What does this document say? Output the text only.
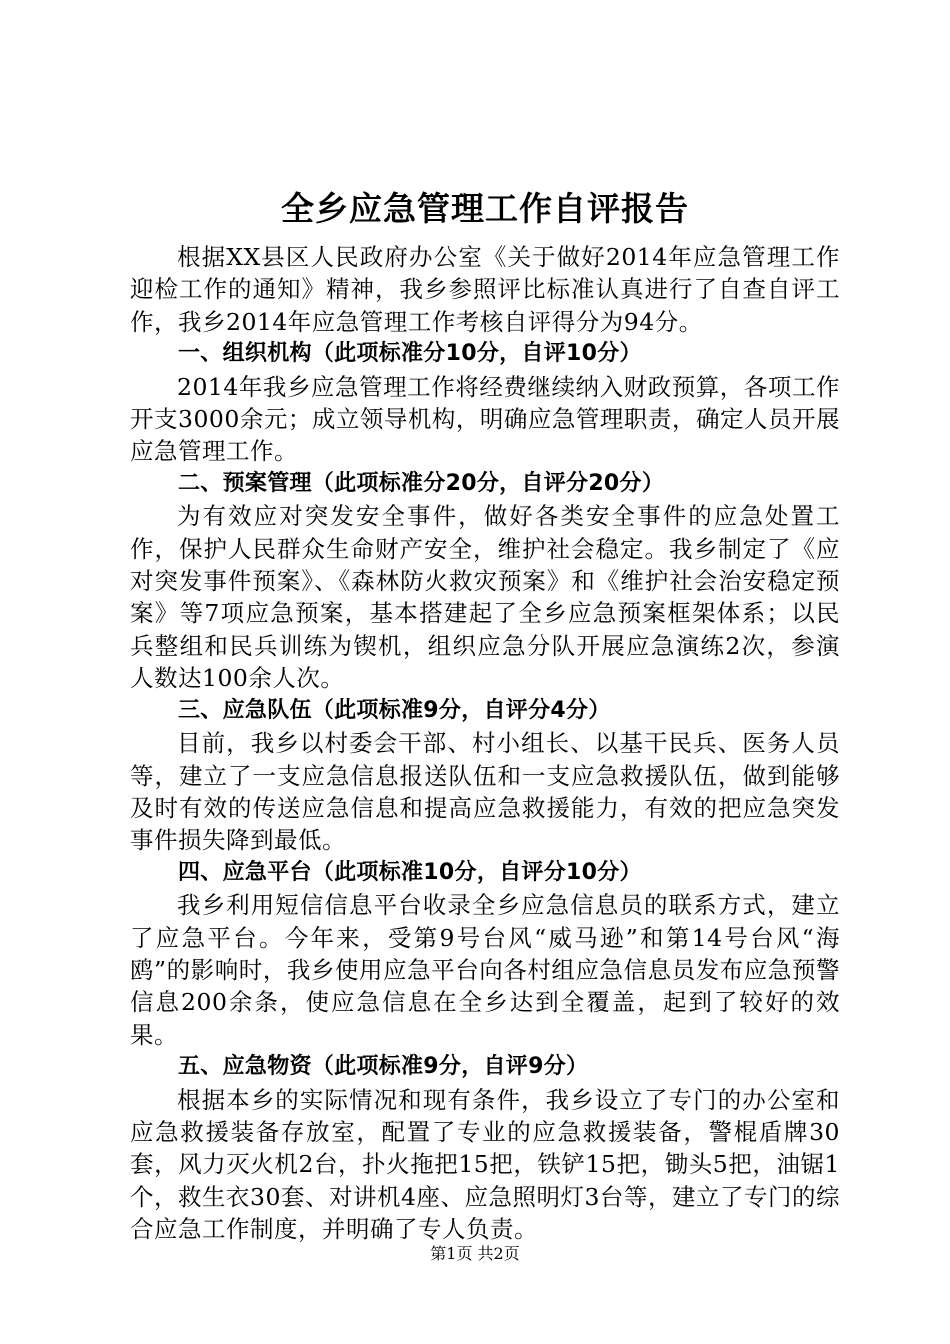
全乡应急管理工作自评报告

根据XX县区人民政府办公室《关于做好2014年应急管理工作迎检工作的通知》精神，我乡参照评比标准认真进行了自查自评工作，我乡2014年应急管理工作考核自评得分为94分。

一、组织机构（此项标准分10分，自评10分）

2014年我乡应急管理工作将经费继续纳入财政预算，各项工作开支3000余元；成立领导机构，明确应急管理职责，确定人员开展应急管理工作。

二、预案管理（此项标准分20分，自评分20分）

为有效应对突发安全事件，做好各类安全事件的应急处置工作，保护人民群众生命财产安全，维护社会稳定。我乡制定了《应对突发事件预案》、《森林防火救灾预案》和《维护社会治安稳定预案》等7项应急预案，基本搭建起了全乡应急预案框架体系；以民兵整组和民兵训练为锲机，组织应急分队开展应急演练2次，参演人数达100余人次。

三、应急队伍（此项标准9分，自评分4分）

目前，我乡以村委会干部、村小组长、以基干民兵、医务人员等，建立了一支应急信息报送队伍和一支应急救援队伍，做到能够及时有效的传送应急信息和提高应急救援能力，有效的把应急突发事件损失降到最低。

四、应急平台（此项标准10分，自评分10分）

我乡利用短信信息平台收录全乡应急信息员的联系方式，建立了应急平台。今年来，受第9号台风“威马逊”和第14号台风“海鸥”的影响时，我乡使用应急平台向各村组应急信息员发布应急预警信息200余条，使应急信息在全乡达到全覆盖，起到了较好的效果。

五、应急物资（此项标准9分，自评9分）

根据本乡的实际情况和现有条件，我乡设立了专门的办公室和应急救援装备存放室，配置了专业的应急救援装备，警棍盾牌30套，风力灭火机2台，扑火拖把15把，铁铲15把，锄头5把，油锯1个，救生衣30套、对讲机4座、应急照明灯3台等，建立了专门的综合应急工作制度，并明确了专人负责。

第1页 共2页
